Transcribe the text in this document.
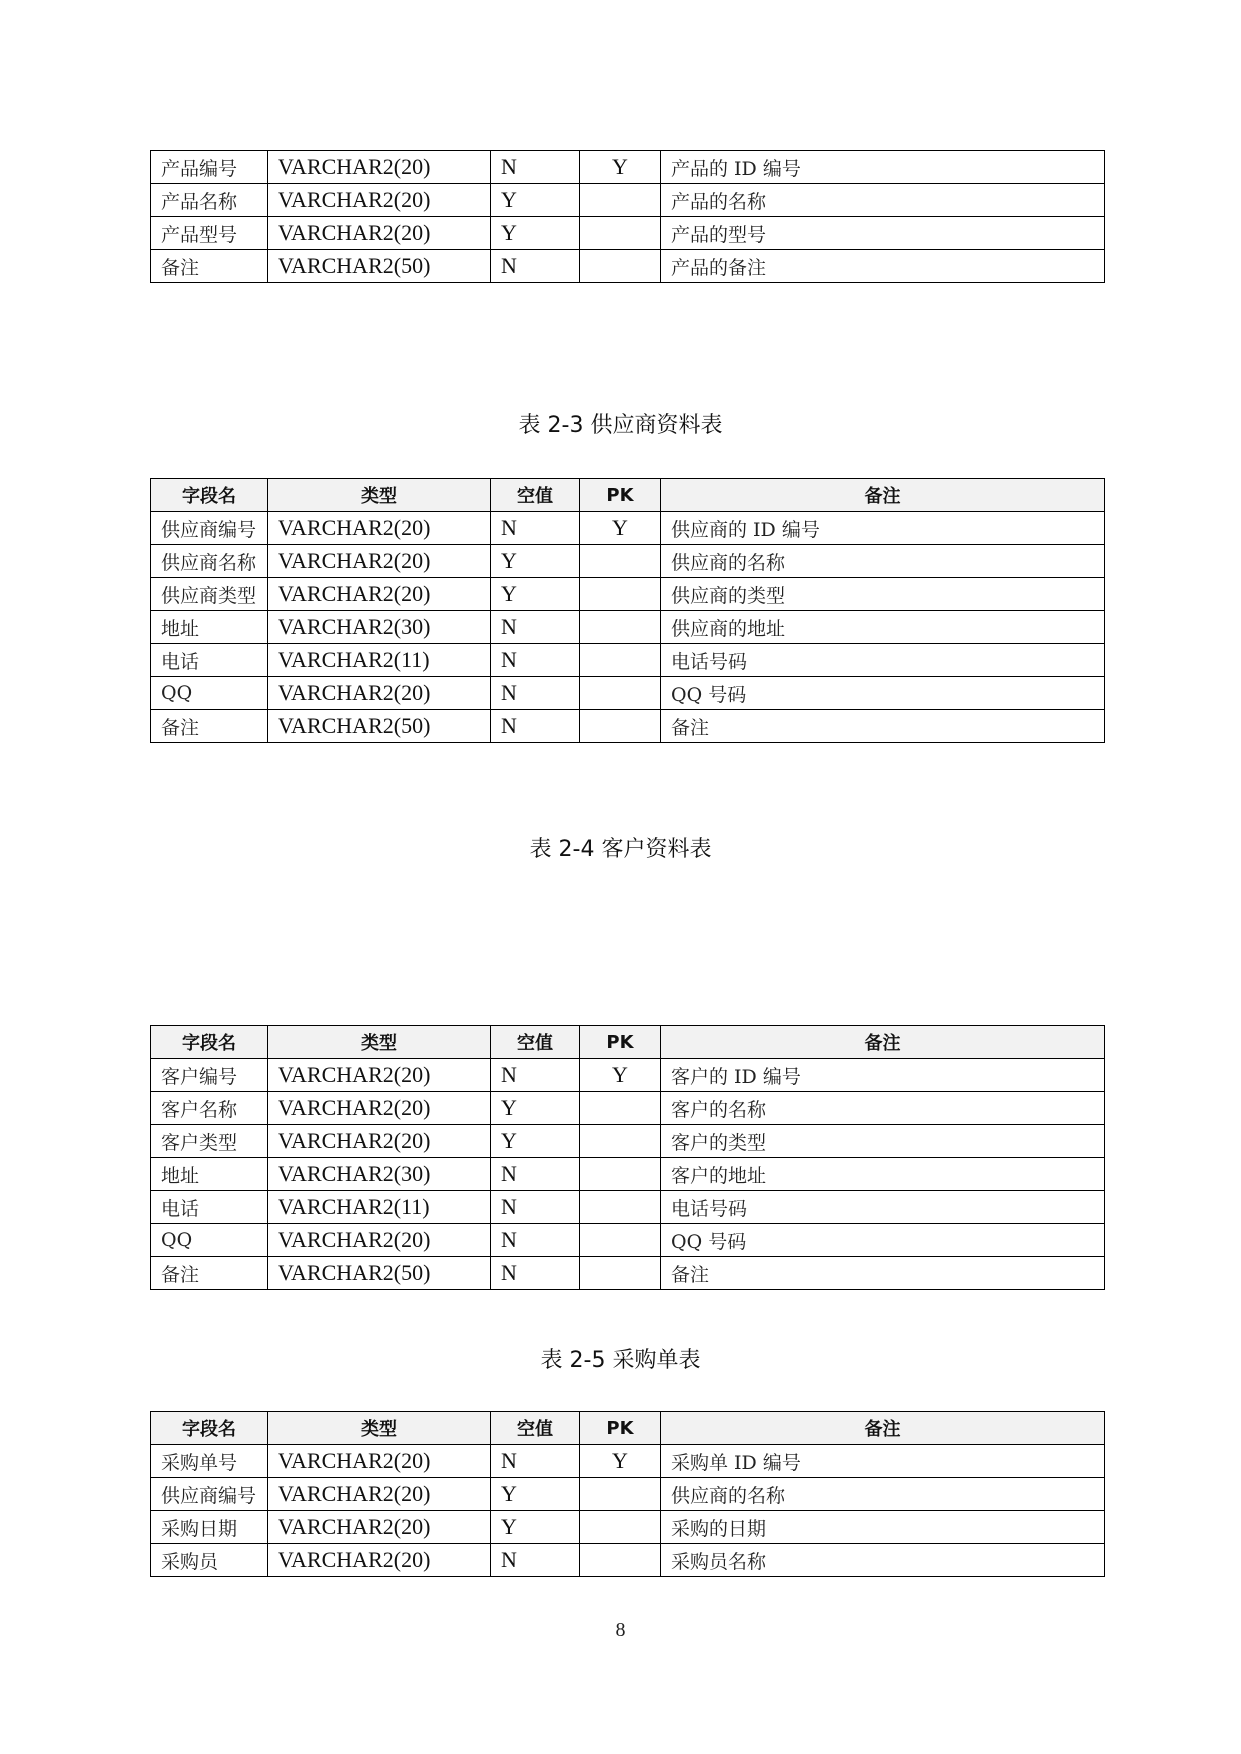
产品编号	VARCHAR2(20)	N	Y	产品的 ID 编号
产品名称	VARCHAR2(20)	Y		产品的名称
产品型号	VARCHAR2(20)	Y		产品的型号
备注	VARCHAR2(50)	N		产品的备注
表 2-3 供应商资料表
字段名	类型	空值	PK	备注
供应商编号	VARCHAR2(20)	N	Y	供应商的 ID 编号
供应商名称	VARCHAR2(20)	Y		供应商的名称
供应商类型	VARCHAR2(20)	Y		供应商的类型
地址	VARCHAR2(30)	N		供应商的地址
电话	VARCHAR2(11)	N		电话号码
QQ	VARCHAR2(20)	N		QQ 号码
备注	VARCHAR2(50)	N		备注
表 2-4 客户资料表
字段名	类型	空值	PK	备注
客户编号	VARCHAR2(20)	N	Y	客户的 ID 编号
客户名称	VARCHAR2(20)	Y		客户的名称
客户类型	VARCHAR2(20)	Y		客户的类型
地址	VARCHAR2(30)	N		客户的地址
电话	VARCHAR2(11)	N		电话号码
QQ	VARCHAR2(20)	N		QQ 号码
备注	VARCHAR2(50)	N		备注
表 2-5 采购单表
字段名	类型	空值	PK	备注
采购单号	VARCHAR2(20)	N	Y	采购单 ID 编号
供应商编号	VARCHAR2(20)	Y		供应商的名称
采购日期	VARCHAR2(20)	Y		采购的日期
采购员	VARCHAR2(20)	N		采购员名称
8
